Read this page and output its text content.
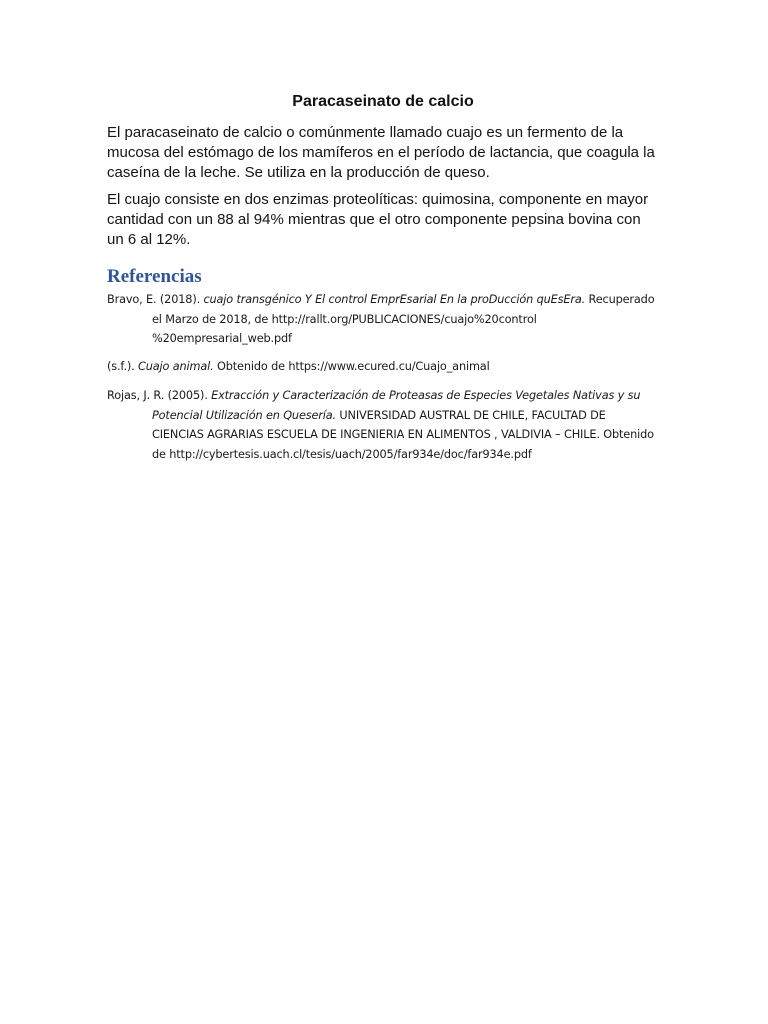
Paracaseinato de calcio

El paracaseinato de calcio o comúnmente llamado cuajo es un fermento de la
mucosa del estómago de los mamíferos en el período de lactancia, que coagula la
caseína de la leche. Se utiliza en la producción de queso.

El cuajo consiste en dos enzimas proteolíticas: quimosina, componente en mayor
cantidad con un 88 al 94% mientras que el otro componente pepsina bovina con
un 6 al 12%.

Referencias
Bravo, E. (2018). cuajo transgénico Y El control EmprEsarial En la proDucción quEsEra. Recuperado
el Marzo de 2018, de http://rallt.org/PUBLICACIONES/cuajo%20control
%20empresarial_web.pdf
(s.f.). Cuajo animal. Obtenido de https://www.ecured.cu/Cuajo_animal
Rojas, J. R. (2005). Extracción y Caracterización de Proteasas de Especies Vegetales Nativas y su
Potencial Utilización en Quesería. UNIVERSIDAD AUSTRAL DE CHILE, FACULTAD DE
CIENCIAS AGRARIAS ESCUELA DE INGENIERIA EN ALIMENTOS , VALDIVIA – CHILE. Obtenido
de http://cybertesis.uach.cl/tesis/uach/2005/far934e/doc/far934e.pdf
